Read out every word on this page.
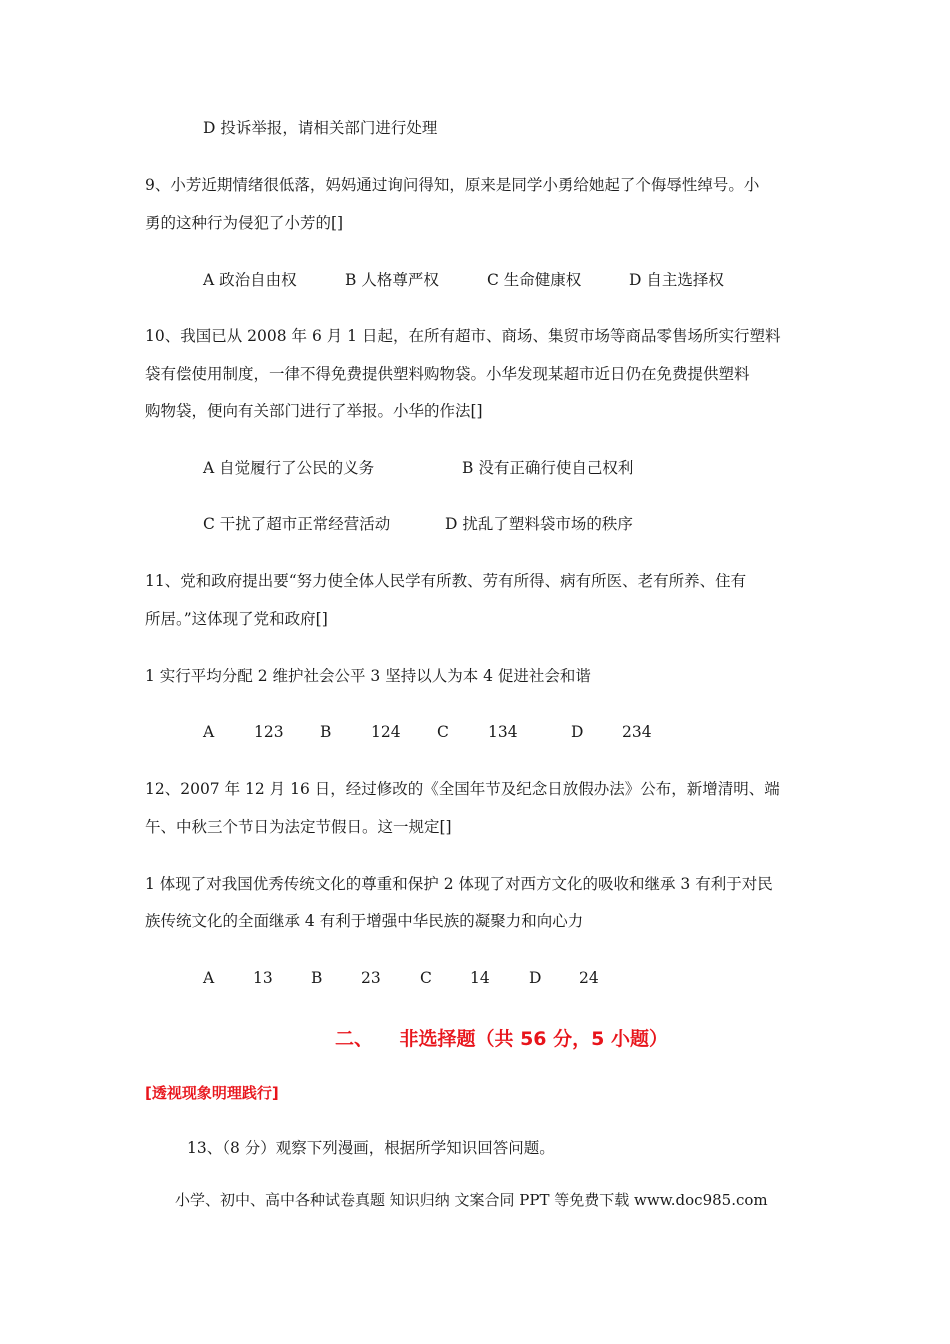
D 投诉举报，请相关部门进行处理
9、小芳近期情绪很低落，妈妈通过询问得知，原来是同学小勇给她起了个侮辱性绰号。小
勇的这种行为侵犯了小芳的[]
A 政治自由权	B 人格尊严权	C 生命健康权	D 自主选择权
10、我国已从 2008 年 6 月 1 日起，在所有超市、商场、集贸市场等商品零售场所实行塑料
袋有偿使用制度，一律不得免费提供塑料购物袋。小华发现某超市近日仍在免费提供塑料
购物袋，便向有关部门进行了举报。小华的作法[]
A 自觉履行了公民的义务	B 没有正确行使自己权利
C 干扰了超市正常经营活动	D 扰乱了塑料袋市场的秩序
11、党和政府提出要“努力使全体人民学有所教、劳有所得、病有所医、老有所养、住有
所居。”这体现了党和政府[]
1 实行平均分配 2 维护社会公平 3 坚持以人为本 4 促进社会和谐
A	123 B	124 C	134	D 234
12、2007 年 12 月 16 日，经过修改的《全国年节及纪念日放假办法》公布，新增清明、端
午、中秋三个节日为法定节假日。这一规定[]
1 体现了对我国优秀传统文化的尊重和保护 2 体现了对西方文化的吸收和继承 3 有利于对民
族传统文化的全面继承 4 有利于增强中华民族的凝聚力和向心力
A	13 B 23	C 14	D 24
二、    非选择题（共 56 分，5 小题）
[透视现象明理践行]
13、（8 分）观察下列漫画，根据所学知识回答问题。
小学、初中、高中各种试卷真题 知识归纳 文案合同 PPT 等免费下载 www.doc985.com
